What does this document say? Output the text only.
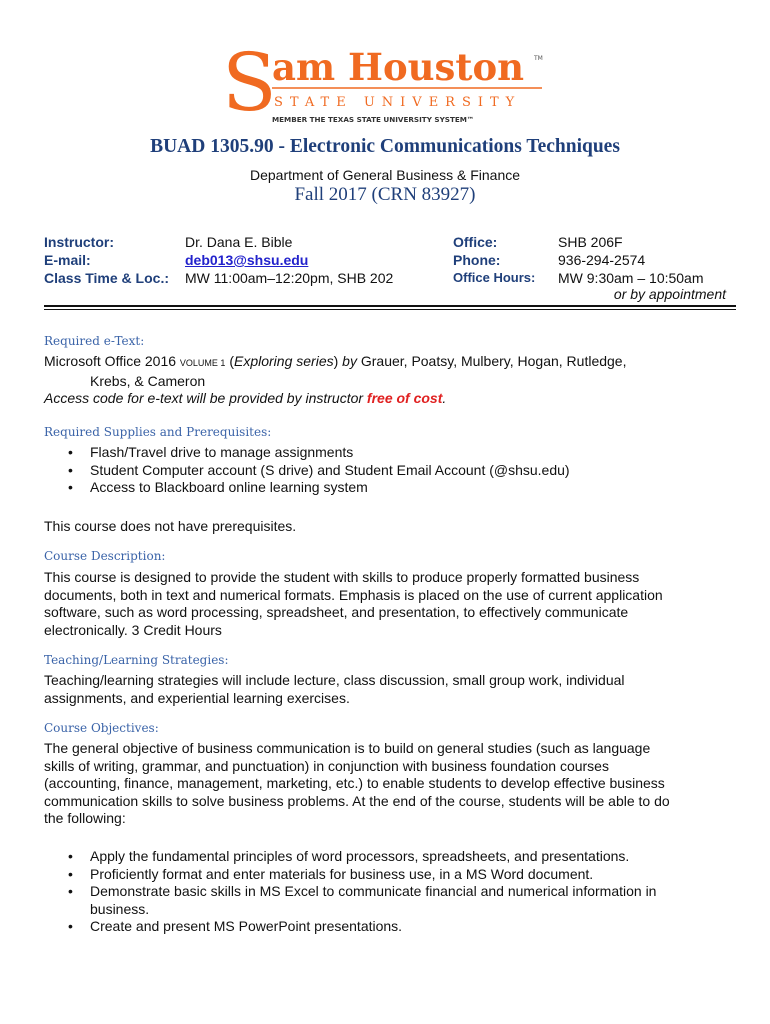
S
am Houston TM
STATE UNIVERSITY
MEMBER THE TEXAS STATE UNIVERSITY SYSTEM™
BUAD 1305.90 - Electronic Communications Techniques
Department of General Business & Finance
Fall 2017 (CRN 83927)
Instructor:
E-mail:
Class Time & Loc.:
Dr. Dana E. Bible
deb013@shsu.edu
MW 11:00am–12:20pm, SHB 202
Office:
Phone:
Office Hours:
SHB 206F
936-294-2574
MW 9:30am – 10:50am
or by appointment
Required e-Text:
Microsoft Office 2016 VOLUME 1 (Exploring series) by Grauer, Poatsy, Mulbery, Hogan, Rutledge,
Krebs, & Cameron
Access code for e-text will be provided by instructor free of cost.
Required Supplies and Prerequisites:
• Flash/Travel drive to manage assignments
• Student Computer account (S drive) and Student Email Account (@shsu.edu)
• Access to Blackboard online learning system
This course does not have prerequisites.
Course Description:
This course is designed to provide the student with skills to produce properly formatted business
documents, both in text and numerical formats. Emphasis is placed on the use of current application
software, such as word processing, spreadsheet, and presentation, to effectively communicate
electronically. 3 Credit Hours
Teaching/Learning Strategies:
Teaching/learning strategies will include lecture, class discussion, small group work, individual
assignments, and experiential learning exercises.
Course Objectives:
The general objective of business communication is to build on general studies (such as language
skills of writing, grammar, and punctuation) in conjunction with business foundation courses
(accounting, finance, management, marketing, etc.) to enable students to develop effective business
communication skills to solve business problems. At the end of the course, students will be able to do
the following:
• Apply the fundamental principles of word processors, spreadsheets, and presentations.
• Proficiently format and enter materials for business use, in a MS Word document.
• Demonstrate basic skills in MS Excel to communicate financial and numerical information in
business.
• Create and present MS PowerPoint presentations.
